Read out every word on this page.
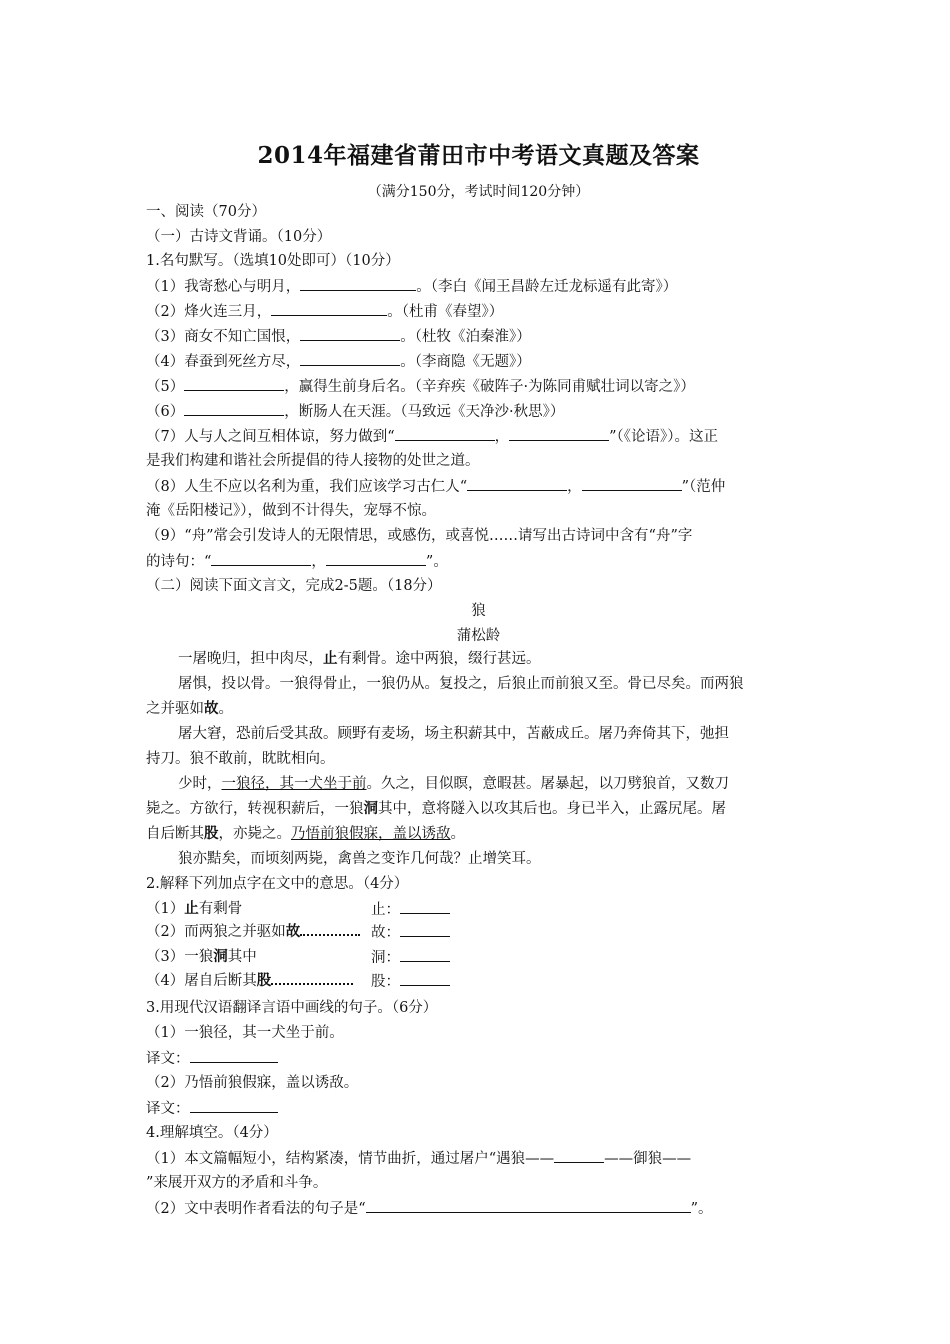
2014年福建省莆田市中考语文真题及答案
（满分150分，考试时间120分钟）
一、阅读（70分）
（一）古诗文背诵。（10分）
1.名句默写。（选填10处即可）（10分）
（1）我寄愁心与明月，	。（李白《闻王昌龄左迁龙标遥有此寄》）
（2）烽火连三月，	。（杜甫《春望》）
（3）商女不知亡国恨，	。（杜牧《泊秦淮》）
（4）春蚕到死丝方尽，	。（李商隐《无题》）
（5）	，赢得生前身后名。（辛弃疾《破阵子·为陈同甫赋壮词以寄之》）
（6）	，断肠人在天涯。（马致远《天净沙·秋思》）
（7）人与人之间互相体谅，努力做到“	，	”（《论语》）。这正
是我们构建和谐社会所提倡的待人接物的处世之道。
（8）人生不应以名利为重，我们应该学习古仁人“	，	”（范仲
淹《岳阳楼记》），做到不计得失，宠辱不惊。
（9）“舟”常会引发诗人的无限情思，或感伤，或喜悦……请写出古诗词中含有“舟”字
的诗句：“	，	”。
（二）阅读下面文言文，完成2-5题。（18分）
狼
蒲松龄
一屠晚归，担中肉尽，止有剩骨。途中两狼，缀行甚远。
屠惧，投以骨。一狼得骨止，一狼仍从。复投之，后狼止而前狼又至。骨已尽矣。而两狼
之并驱如故。
屠大窘，恐前后受其敌。顾野有麦场，场主积薪其中，苫蔽成丘。屠乃奔倚其下，弛担
持刀。狼不敢前，眈眈相向。
少时，一狼径，其一犬坐于前。久之，目似瞑，意暇甚。屠暴起，以刀劈狼首，又数刀
毙之。方欲行，转视积薪后，一狼洞其中，意将隧入以攻其后也。身已半入，止露尻尾。屠
自后断其股，亦毙之。乃悟前狼假寐，盖以诱敌。
狼亦黠矣，而顷刻两毙，禽兽之变诈几何哉？止增笑耳。
2.解释下列加点字在文中的意思。（4分）
（1）止有剩骨	止：
（2）而两狼之并驱如故	故：
（3）一狼洞其中	洞：
（4）屠自后断其股	股：
3.用现代汉语翻译言语中画线的句子。（6分）
（1）一狼径，其一犬坐于前。
译文：
（2）乃悟前狼假寐，盖以诱敌。
译文：
4.理解填空。（4分）
（1）本文篇幅短小，结构紧凑，情节曲折，通过屠户“遇狼——	——御狼——
”来展开双方的矛盾和斗争。
（2）文中表明作者看法的句子是“	”。
